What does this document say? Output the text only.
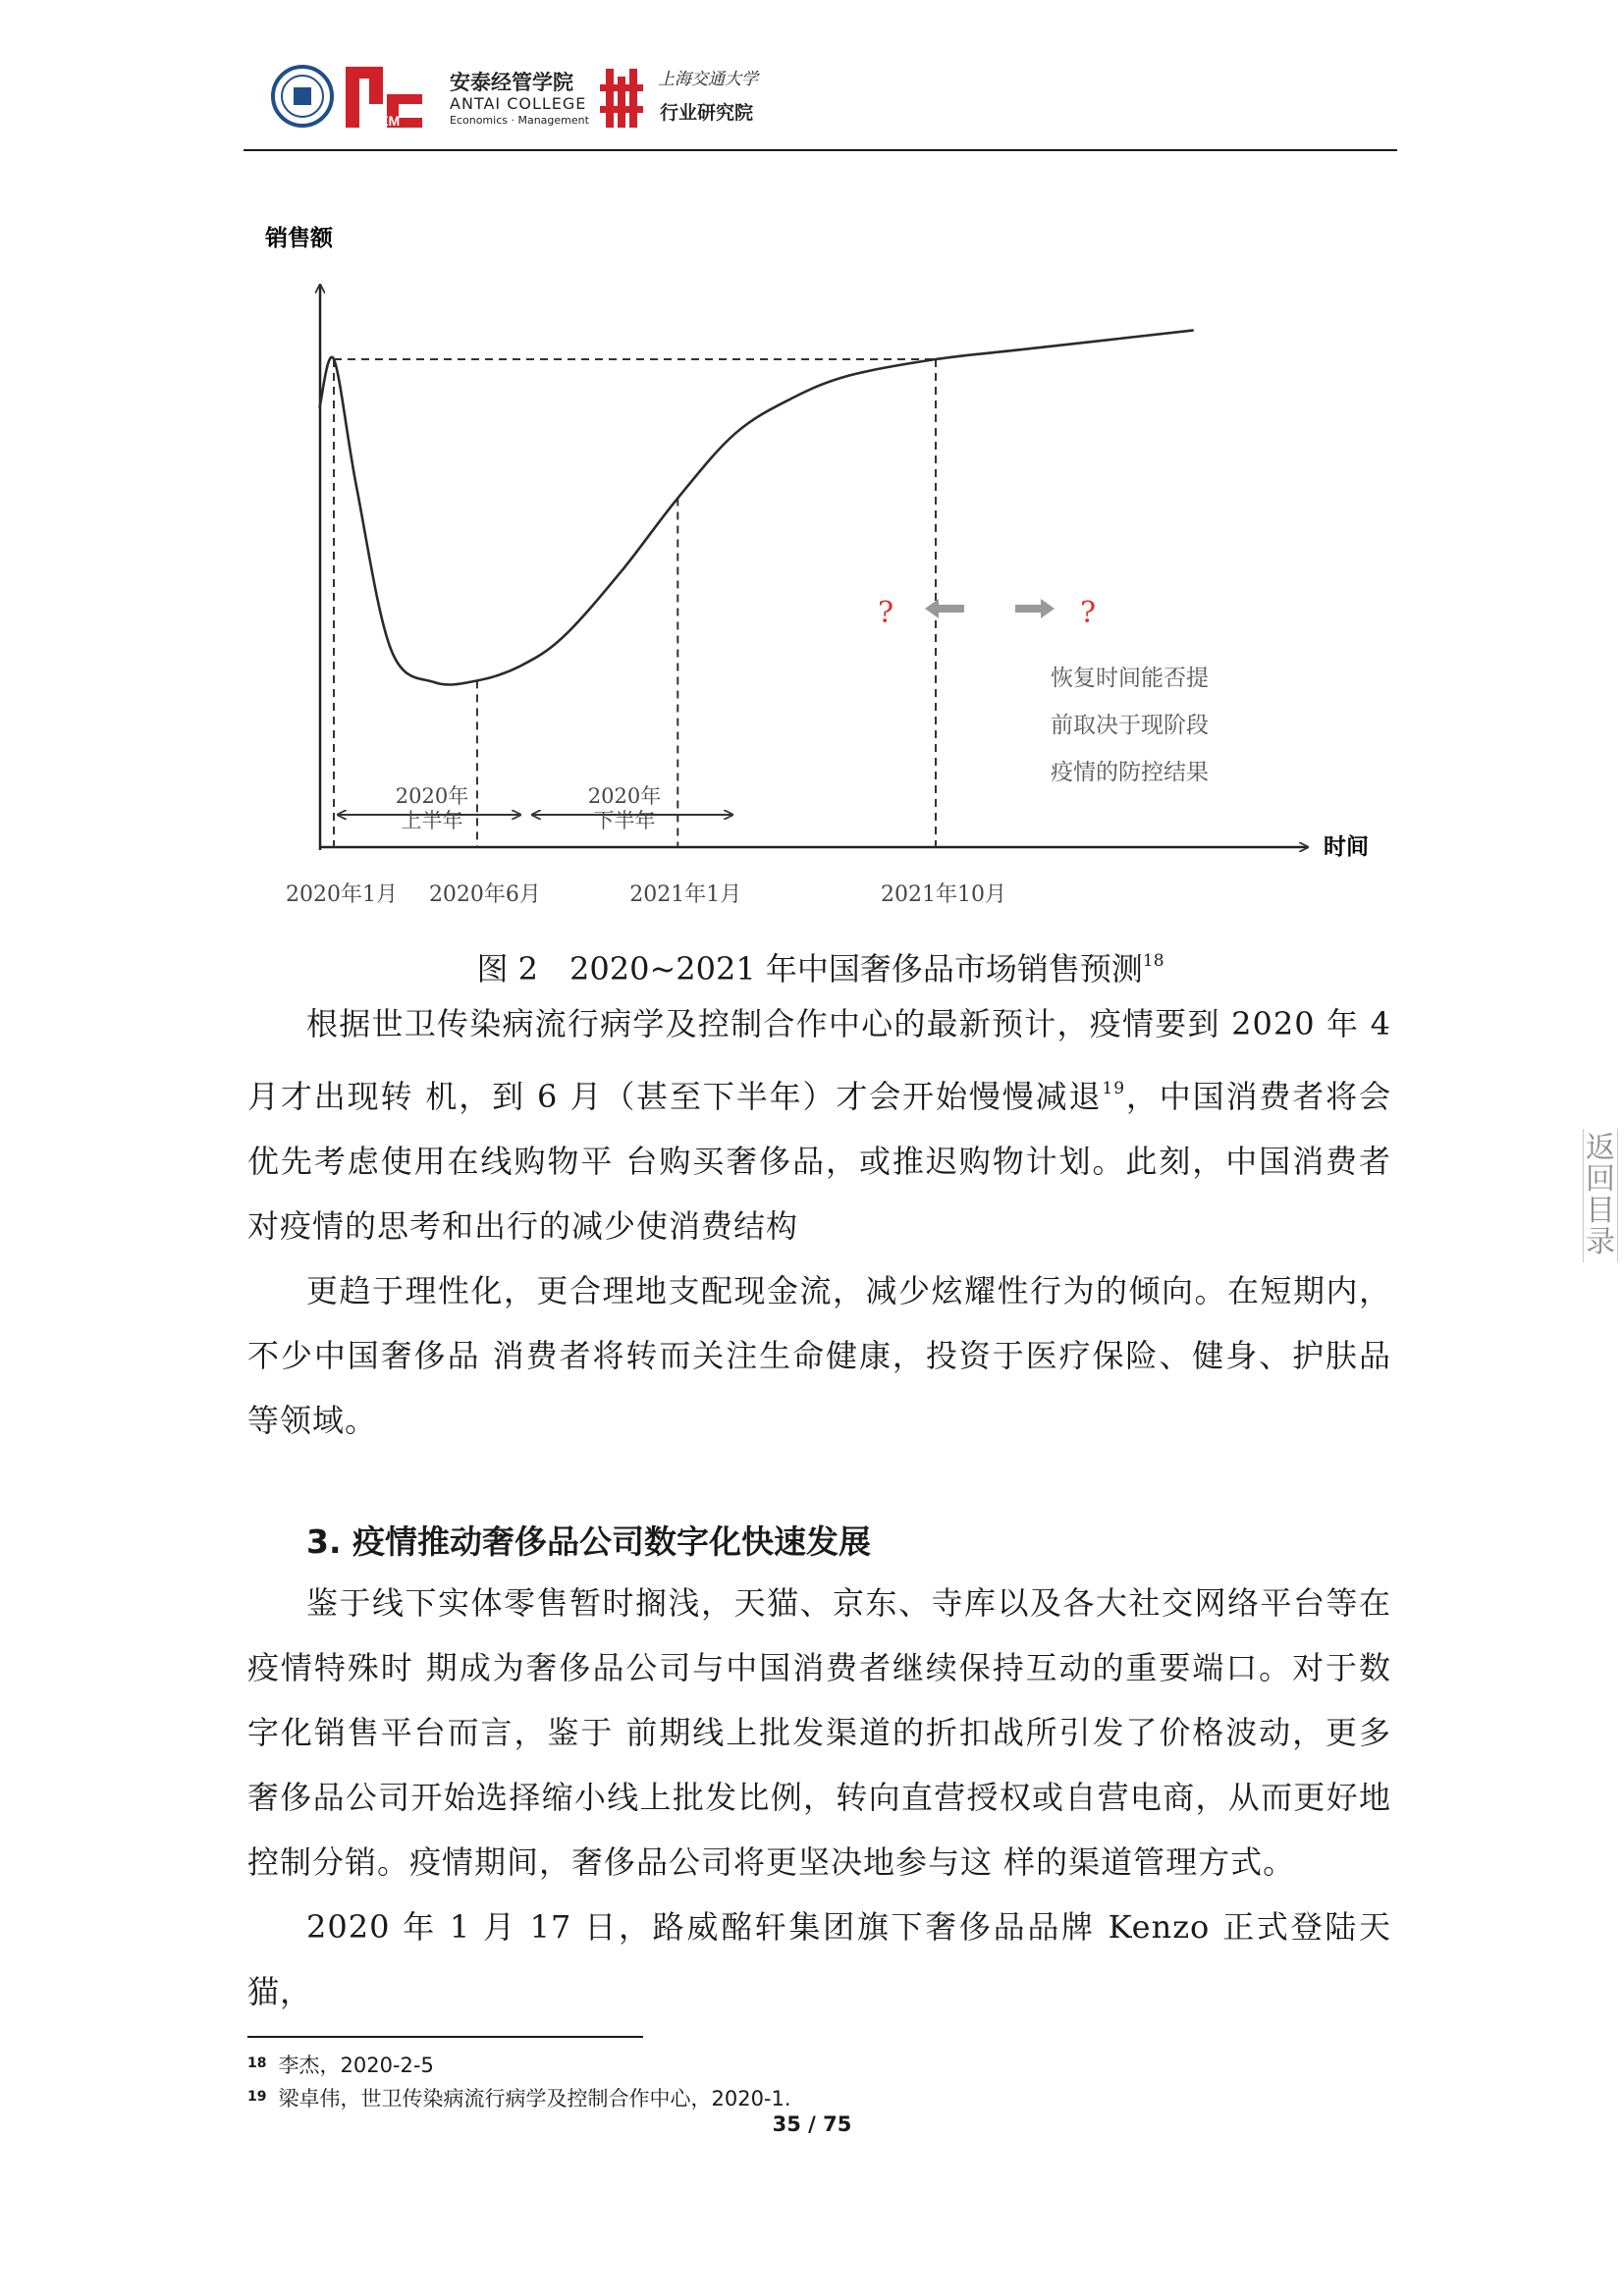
ACEM
安泰经管学院
ANTAI COLLEGE
Economics · Management
上海交通大学
行业研究院
销售额
时间
2020年1月 2020年6月	2021年1月	2021年10月
2020年
上半年
2020年
下半年
?	?
恢复时间能否提
前取决于现阶段
疫情的防控结果
图 2　2020~2021 年中国奢侈品市场销售预测$^{18}$

根据世卫传染病流行病学及控制合作中心的最新预计，疫情要到 2020 年 4 月才出现转 机，到 6 月（甚至下半年）才会开始慢慢减退$^{19}$，中国消费者将会优先考虑使用在线购物平 台购买奢侈品，或推迟购物计划。此刻，中国消费者对疫情的思考和出行的减少使消费结构

更趋于理性化，更合理地支配现金流，减少炫耀性行为的倾向。在短期内，不少中国奢侈品 消费者将转而关注生命健康，投资于医疗保险、健身、护肤品等领域。

3. 疫情推动奢侈品公司数字化快速发展

鉴于线下实体零售暂时搁浅，天猫、京东、寺库以及各大社交网络平台等在疫情特殊时 期成为奢侈品公司与中国消费者继续保持互动的重要端口。对于数字化销售平台而言，鉴于 前期线上批发渠道的折扣战所引发了价格波动，更多奢侈品公司开始选择缩小线上批发比例，转向直营授权或自营电商，从而更好地控制分销。疫情期间，奢侈品公司将更坚决地参与这 样的渠道管理方式。

2020 年 1 月 17 日，路威酩轩集团旗下奢侈品品牌 Kenzo 正式登陆天猫，

返
回
目
录
$^{18}$ 李杰，2020-2-5
$^{19}$ 梁卓伟，世卫传染病流行病学及控制合作中心，2020-1.
35 / 75
